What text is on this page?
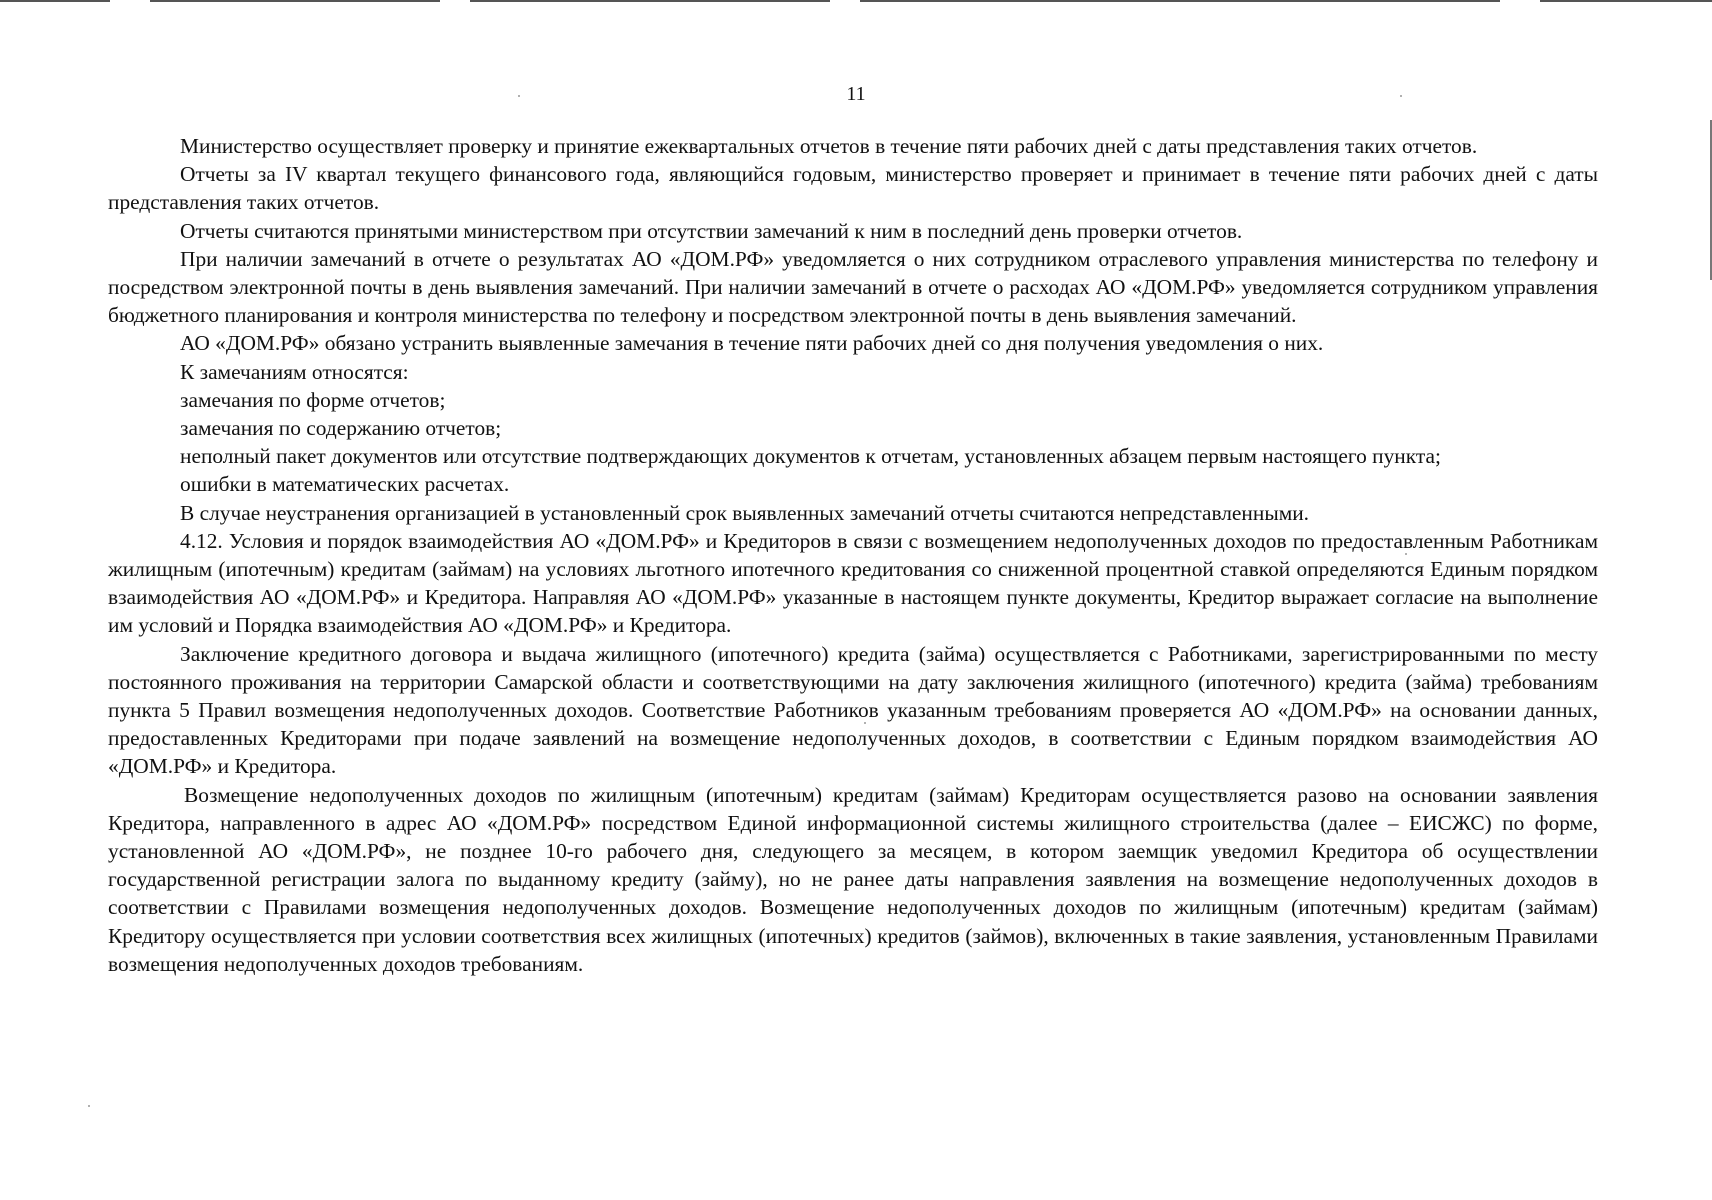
11

Министерство осуществляет проверку и принятие ежеквартальных отчетов в течение пяти рабочих дней с даты представления таких отчетов.

Отчеты за IV квартал текущего финансового года, являющийся годовым, министерство проверяет и принимает в течение пяти рабочих дней с даты представления таких отчетов.

Отчеты считаются принятыми министерством при отсутствии замечаний к ним в последний день проверки отчетов.

При наличии замечаний в отчете о результатах АО «ДОМ.РФ» уведомляется о них сотрудником отраслевого управления министерства по телефону и посредством электронной почты в день выявления замечаний. При наличии замечаний в отчете о расходах АО «ДОМ.РФ» уведомляется сотрудником управления бюджетного планирования и контроля министерства по телефону и посредством электронной почты в день выявления замечаний.

АО «ДОМ.РФ» обязано устранить выявленные замечания в течение пяти рабочих дней со дня получения уведомления о них.

К замечаниям относятся:

замечания по форме отчетов;

замечания по содержанию отчетов;

неполный пакет документов или отсутствие подтверждающих документов к отчетам, установленных абзацем первым настоящего пункта;

ошибки в математических расчетах.

В случае неустранения организацией в установленный срок выявленных замечаний отчеты считаются непредставленными.

4.12. Условия и порядок взаимодействия АО «ДОМ.РФ» и Кредиторов в связи с возмещением недополученных доходов по предоставленным Работникам жилищным (ипотечным) кредитам (займам) на условиях льготного ипотечного кредитования со сниженной процентной ставкой определяются Единым порядком взаимодействия АО «ДОМ.РФ» и Кредитора. Направляя АО «ДОМ.РФ» указанные в настоящем пункте документы, Кредитор выражает согласие на выполнение им условий и Порядка взаимодействия АО «ДОМ.РФ» и Кредитора.

Заключение кредитного договора и выдача жилищного (ипотечного) кредита (займа) осуществляется с Работниками, зарегистрированными по месту постоянного проживания на территории Самарской области и соответствующими на дату заключения жилищного (ипотечного) кредита (займа) требованиям пункта 5 Правил возмещения недополученных доходов. Соответствие Работников указанным требованиям проверяется АО «ДОМ.РФ» на основании данных, предоставленных Кредиторами при подаче заявлений на возмещение недополученных доходов, в соответствии с Единым порядком взаимодействия АО «ДОМ.РФ» и Кредитора.

Возмещение недополученных доходов по жилищным (ипотечным) кредитам (займам) Кредиторам осуществляется разово на основании заявления Кредитора, направленного в адрес АО «ДОМ.РФ» посредством Единой информационной системы жилищного строительства (далее – ЕИСЖС) по форме, установленной АО «ДОМ.РФ», не позднее 10-го рабочего дня, следующего за месяцем, в котором заемщик уведомил Кредитора об осуществлении государственной регистрации залога по выданному кредиту (займу), но не ранее даты направления заявления на возмещение недополученных доходов в соответствии с Правилами возмещения недополученных доходов. Возмещение недополученных доходов по жилищным (ипотечным) кредитам (займам) Кредитору осуществляется при условии соответствия всех жилищных (ипотечных) кредитов (займов), включенных в такие заявления, установленным Правилами возмещения недополученных доходов требованиям.
